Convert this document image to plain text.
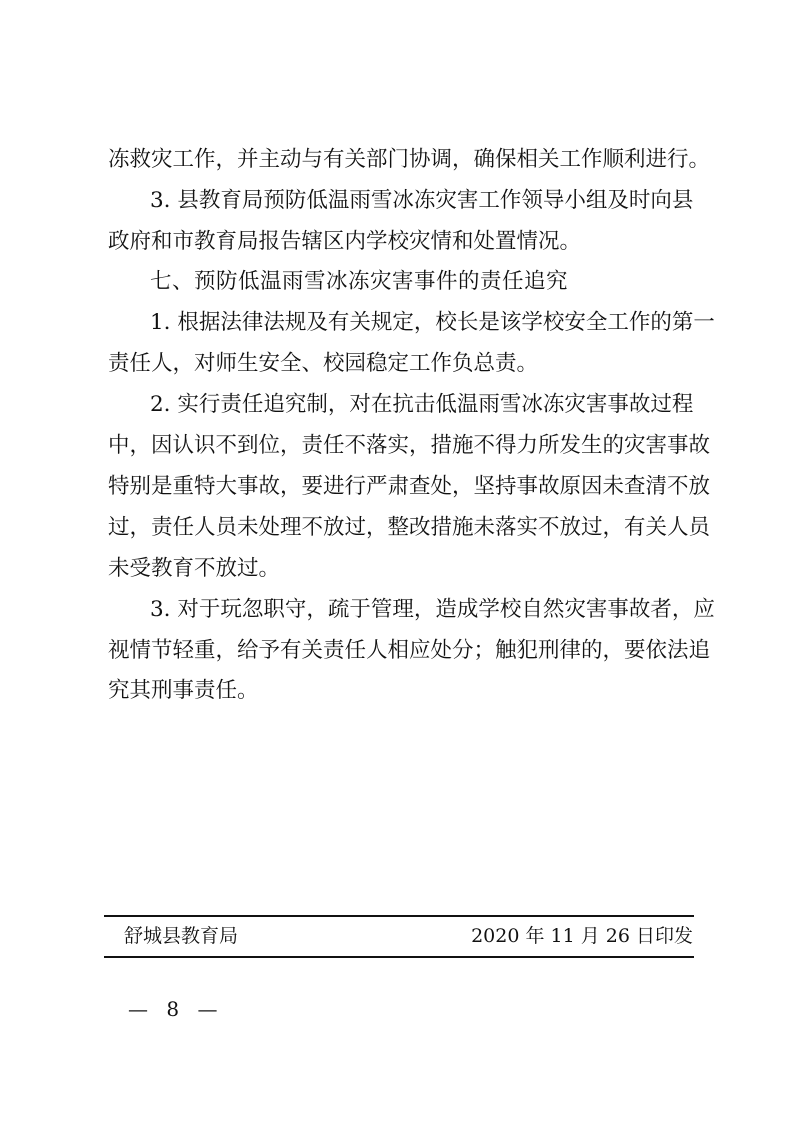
冻救灾工作，并主动与有关部门协调，确保相关工作顺利进行。
3. 县教育局预防低温雨雪冰冻灾害工作领导小组及时向县
政府和市教育局报告辖区内学校灾情和处置情况。
七、预防低温雨雪冰冻灾害事件的责任追究
1. 根据法律法规及有关规定，校长是该学校安全工作的第一
责任人，对师生安全、校园稳定工作负总责。
2. 实行责任追究制，对在抗击低温雨雪冰冻灾害事故过程
中，因认识不到位，责任不落实，措施不得力所发生的灾害事故
特别是重特大事故，要进行严肃查处，坚持事故原因未查清不放
过，责任人员未处理不放过，整改措施未落实不放过，有关人员
未受教育不放过。
3. 对于玩忽职守，疏于管理，造成学校自然灾害事故者，应
视情节轻重，给予有关责任人相应处分；触犯刑律的，要依法追
究其刑事责任。
舒城县教育局	2020 年 11 月 26 日印发
— 8 —
